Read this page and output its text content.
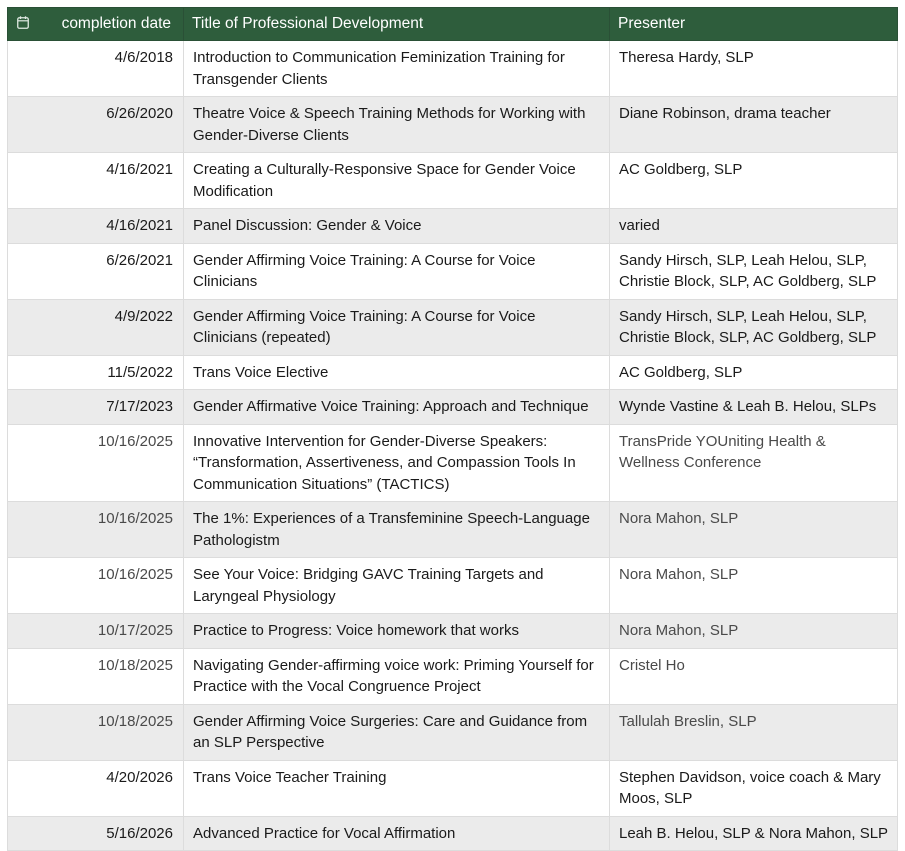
completion date	Title of Professional Development	Presenter
4/6/2018	Introduction to Communication Feminization Training for Transgender Clients	Theresa Hardy, SLP
6/26/2020	Theatre Voice & Speech Training Methods for Working with Gender-Diverse Clients	Diane Robinson, drama teacher
4/16/2021	Creating a Culturally-Responsive Space for Gender Voice Modification	AC Goldberg, SLP
4/16/2021	Panel Discussion: Gender & Voice	varied
6/26/2021	Gender Affirming Voice Training: A Course for Voice Clinicians	Sandy Hirsch, SLP, Leah Helou, SLP, Christie Block, SLP, AC Goldberg, SLP
4/9/2022	Gender Affirming Voice Training: A Course for Voice Clinicians (repeated)	Sandy Hirsch, SLP, Leah Helou, SLP, Christie Block, SLP, AC Goldberg, SLP
11/5/2022	Trans Voice Elective	AC Goldberg, SLP
7/17/2023	Gender Affirmative Voice Training: Approach and Technique	Wynde Vastine & Leah B. Helou, SLPs
10/16/2025	Innovative Intervention for Gender-Diverse Speakers: “Transformation, Assertiveness, and Compassion Tools In Communication Situations” (TACTICS)	TransPride YOUniting Health & Wellness Conference
10/16/2025	The 1%: Experiences of a Transfeminine Speech-Language Pathologistm	Nora Mahon, SLP
10/16/2025	See Your Voice: Bridging GAVC Training Targets and Laryngeal Physiology	Nora Mahon, SLP
10/17/2025	Practice to Progress: Voice homework that works	Nora Mahon, SLP
10/18/2025	Navigating Gender-affirming voice work: Priming Yourself for Practice with the Vocal Congruence Project	Cristel Ho
10/18/2025	Gender Affirming Voice Surgeries: Care and Guidance from an SLP Perspective	Tallulah Breslin, SLP
4/20/2026	Trans Voice Teacher Training	Stephen Davidson, voice coach & Mary Moos, SLP
5/16/2026	Advanced Practice for Vocal Affirmation	Leah B. Helou, SLP & Nora Mahon, SLP
